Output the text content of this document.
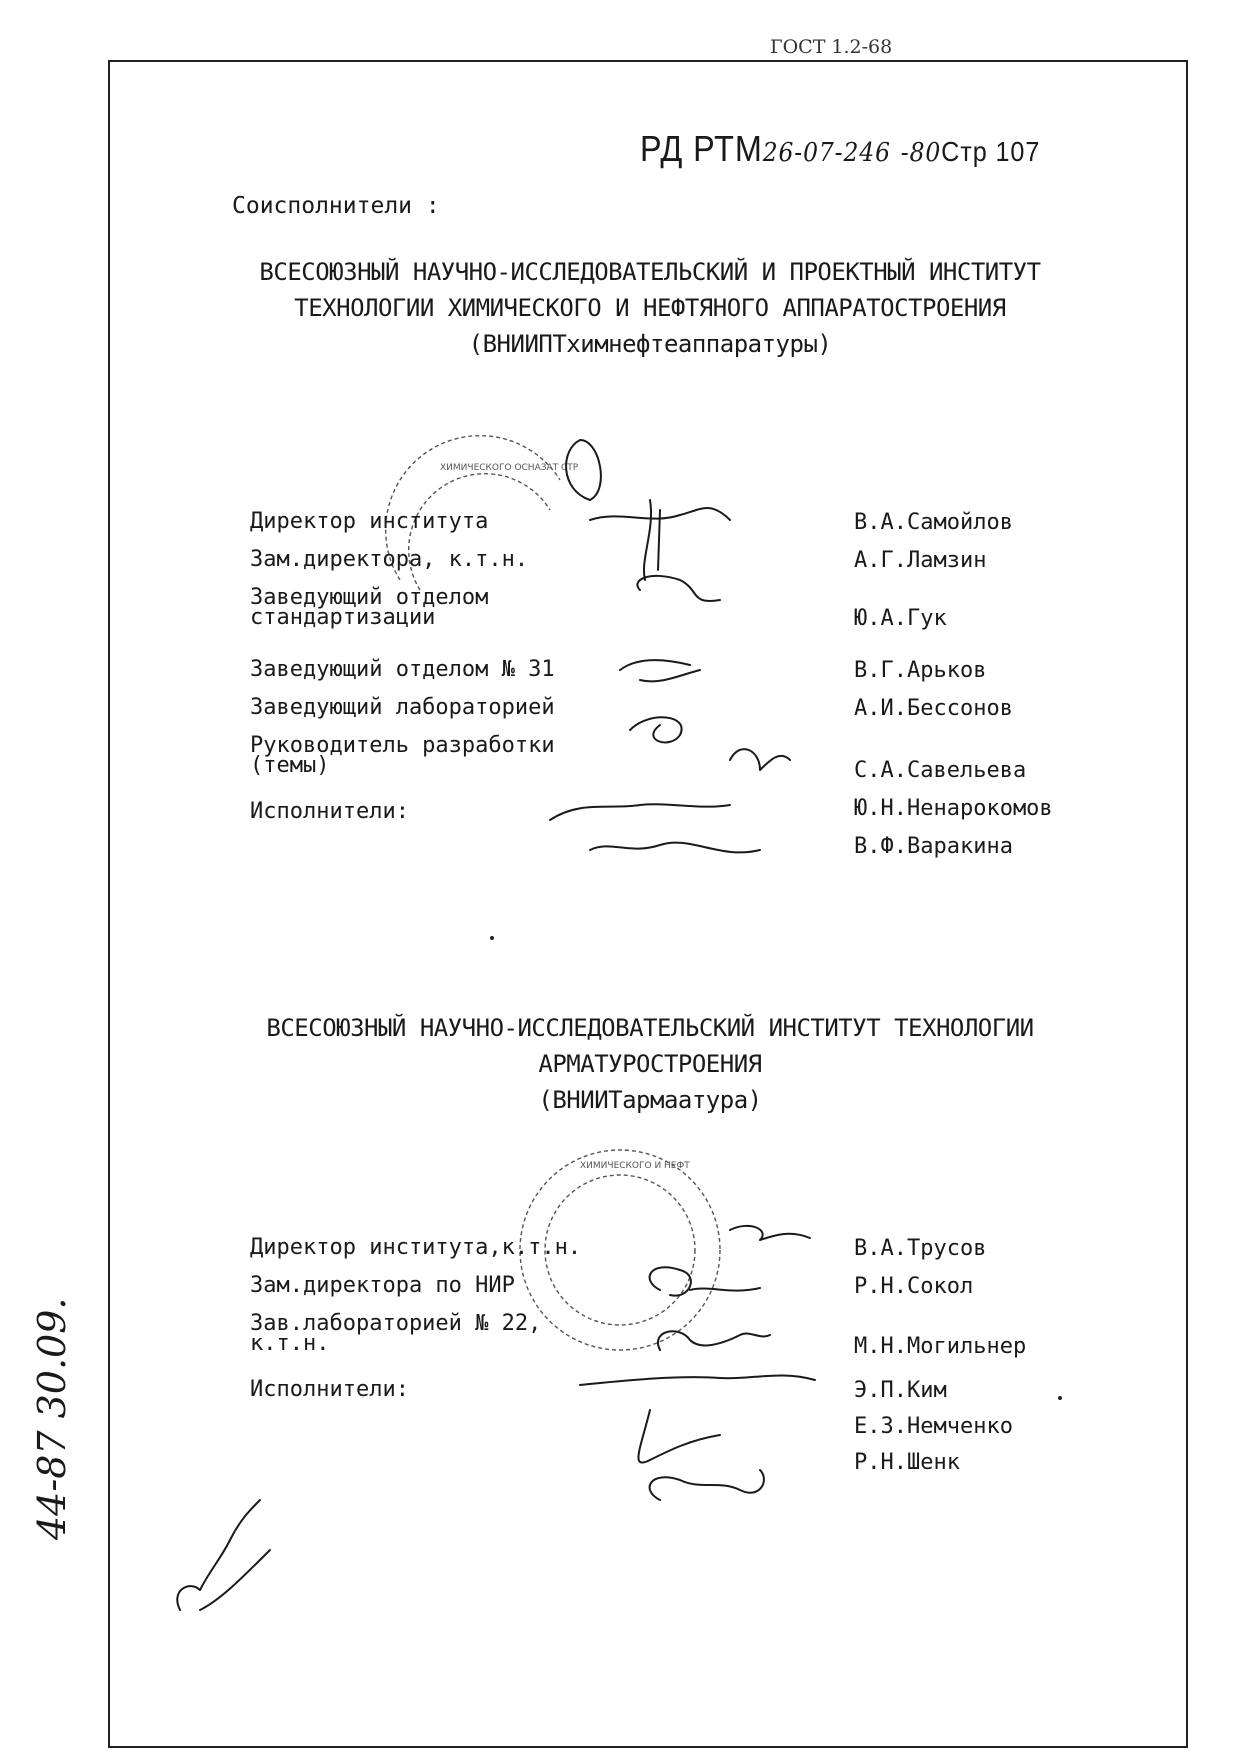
ГОСТ 1.2-68
РД РТМ26-07-246 -80Стр 107
Соисполнители :
ВСЕСОЮЗНЫЙ НАУЧНО-ИССЛЕДОВАТЕЛЬСКИЙ И ПРОЕКТНЫЙ ИНСТИТУТ
ТЕХНОЛОГИИ ХИМИЧЕСКОГО И НЕФТЯНОГО АППАРАТОСТРОЕНИЯ
(ВНИИПТхимнефтеаппаратуры)
ХИМИЧЕСКОГО ОСНАЗАТ СТР
Директор института	В.А.Самойлов
Зам.директора, к.т.н.	А.Г.Ламзин
Заведующий отделом
стандартизации	Ю.А.Гук
Заведующий отделом № 31	В.Г.Арьков
Заведующий лабораторией	А.И.Бессонов
Руководитель разработки
(темы)	С.А.Савельева
Исполнители:	Ю.Н.Ненарокомов
В.Ф.Варакина
ВСЕСОЮЗНЫЙ НАУЧНО-ИССЛЕДОВАТЕЛЬСКИЙ ИНСТИТУТ ТЕХНОЛОГИИ
АРМАТУРОСТРОЕНИЯ
(ВНИИТармаатура)
ХИМИЧЕСКОГО И НЕФТ
Директор института,к.т.н.	В.А.Трусов
Зам.директора по НИР	Р.Н.Сокол
Зав.лабораторией № 22,
к.т.н.	М.Н.Могильнер
Исполнители:	Э.П.Ким
Е.З.Немченко
Р.Н.Шенк
44-87 30.09.
